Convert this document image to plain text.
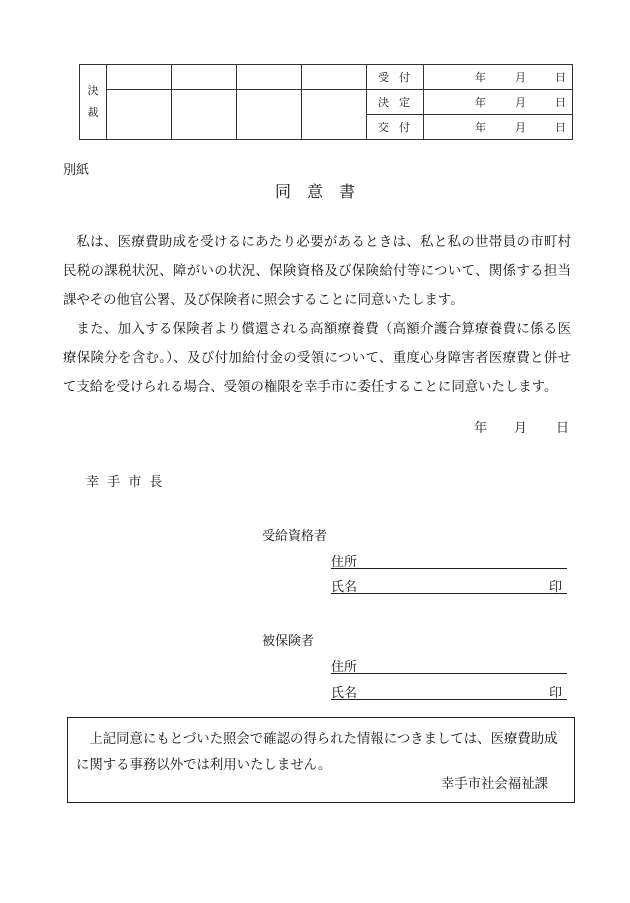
決
裁					受付	年 月 日

					決定	年 月 日

					交付	年 月 日
別紙
同　意　書

私は、医療費助成を受けるにあたり必要があるときは、私と私の世帯員の市町村民税の課税状況、障がいの状況、保険資格及び保険給付等について、関係する担当課やその他官公署、及び保険者に照会することに同意いたします。

また、加入する保険者より償還される高額療養費（高額介護合算療養費に係る医療保険分を含む。）、及び付加給付金の受領について、重度心身障害者医療費と併せて支給を受けられる場合、受領の権限を幸手市に委任することに同意いたします。

年 月 日
幸 手 市 長
受給資格者
住所
氏名	印
被保険者
住所
氏名	印

上記同意にもとづいた照会で確認の得られた情報につきましては、医療費助成に関する事務以外では利用いたしません。

幸手市社会福祉課
